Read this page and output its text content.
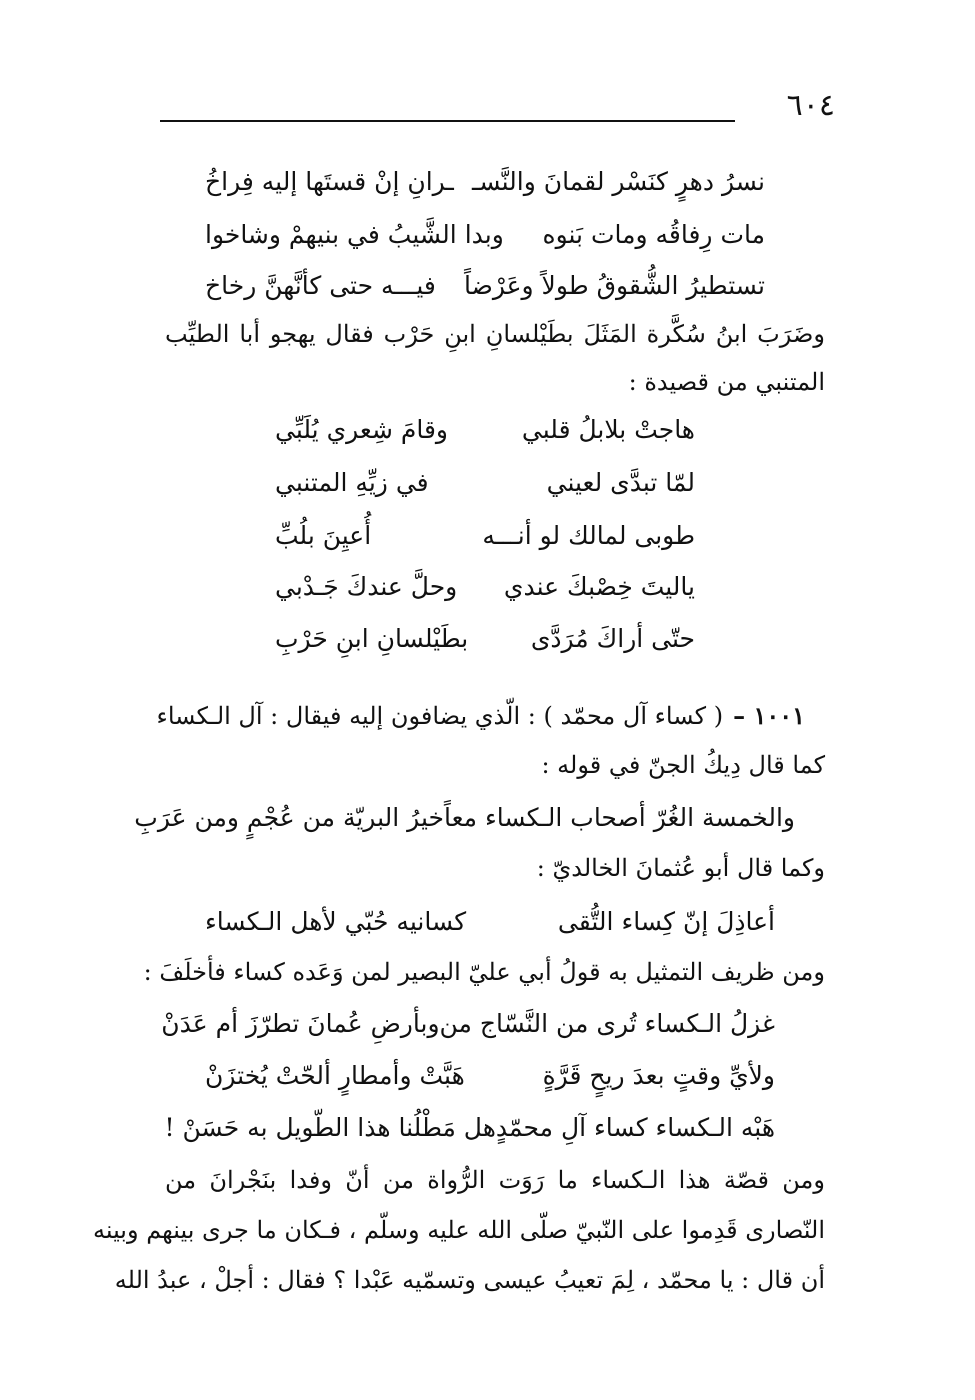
٦٠٤
نسرُ دهرٍ كنَسْر لقمانَ والنَّسـ
ـرانِ إنْ قستَها إليه فِراخُ
مات رِفاقُه ومات بَنوه
وبدا الشَّيبُ في بنيهمْ وشاخوا
تستطيرُ الشُّقوقُ طولاً وعَرْضاً
فيـــه حتى كأنَّهنَّ رخاخ
وضَرَبَ ابنُ سُكَّرة المَثَلَ بطَيْلسانِ ابنِ حَرْب فقال يهجو أبا الطيِّب
المتنبي من قصيدة :
هاجتْ بلابلُ قلبي
وقامَ شِعري يُلَبِّي
لمّا تبدَّى لعيني
في زيِّهِ المتنبي
طوبى لمالك لو أنـــه
أُعيِنَ بلُبِّ
ياليتَ خِصْبكَ عندي
وحلَّ عندكَ جَـدْبي
حتّى أراكَ مُرَدَّى
بطَيْلسانِ ابنِ حَرْبِ
١٠٠١ –
( كساء آل محمّد ) : الّذي يضافون إليه فيقال : آل الـكساء
كما قال دِيكُ الجنّ في قوله :
والخمسة الغُرّ أصحاب الـكساء معاً
خيرُ البريّة من عُجْمٍ ومن عَرَبِ
وكما قال أبو عُثمانَ الخالديّ :
أعاذِلَ إنّ كِساء التُّقى
كسانيه حُبّي لأهل الـكساء
ومن ظريف التمثيل به قولُ أبي عليّ البصير لمن وَعَده كساء فأخلَفَ :
غزلُ الـكساء تُرى من النَّسّاج من
وبأرضِ عُمانَ تطرّزَ أم عَدَنْ
ولأيِّ وقتٍ بعدَ ريحٍ قَرَّةٍ
هَبَّتْ وأمطارٍ ألحّتْ يُختزَنْ
هَبْه الـكساء كساء آلِ محمّدٍ
هل مَطْلُنا هذا الطّويل به حَسَنْ !
ومن قصّة هذا الـكساء ما رَوَت الرُّواة من أنّ وفدا بنَجْرانَ من
النّصارى قَدِموا على النّبيّ صلّى الله عليه وسلّم ، فـكان ما جرى بينهم وبينه
أن قال : يا محمّد ، لِمَ تعيبُ عيسى وتسمّيه عَبْدا ؟ فقال : أجلْ ، عبدُ الله
